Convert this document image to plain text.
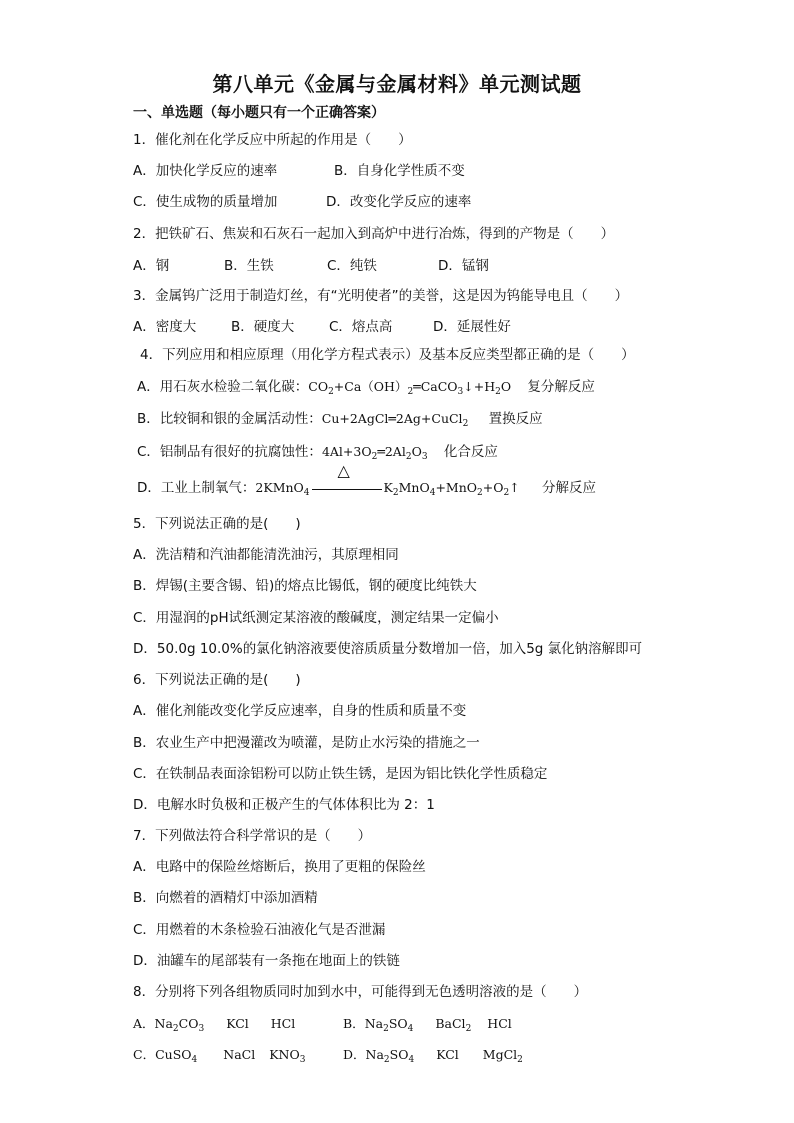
第八单元《金属与金属材料》单元测试题
一、单选题（每小题只有一个正确答案）
1．催化剂在化学反应中所起的作用是（　　）
A．加快化学反应的速率	B．自身化学性质不变
C．使生成物的质量增加	D．改变化学反应的速率
2．把铁矿石、焦炭和石灰石一起加入到高炉中进行冶炼，得到的产物是（　　）
A．钢	B．生铁	C．纯铁	D．锰钢
3．金属钨广泛用于制造灯丝，有“光明使者”的美誉，这是因为钨能导电且（　　）
A．密度大	B．硬度大	C．熔点高	D．延展性好
4．下列应用和相应原理（用化学方程式表示）及基本反应类型都正确的是（　　）
A．用石灰水检验二氧化碳：$CO_2+Ca(OH)_2═CaCO_3↓+H_2O$ 复分解反应
B．比较铜和银的金属活动性：Cu+2AgCl═2Ag+CuCl$_2$ 置换反应
C．铝制品有很好的抗腐蚀性：$4Al+3O_2═2Al_2O_3$ 化合反应
D．工业上制氧气：2KMnO$_4$
△
$K_2MnO_4+MnO_2+O_2↑$ 分解反应
5．下列说法正确的是(　　)
A．洗洁精和汽油都能清洗油污，其原理相同
B．焊锡(主要含锡、铅)的熔点比锡低，钢的硬度比纯铁大
C．用湿润的pH试纸测定某溶液的酸碱度，测定结果一定偏小
D．50.0g 10.0%的氯化钠溶液要使溶质质量分数增加一倍，加入5g 氯化钠溶解即可
6．下列说法正确的是(　　)
A．催化剂能改变化学反应速率，自身的性质和质量不变
B．农业生产中把漫灌改为喷灌，是防止水污染的措施之一
C．在铁制品表面涂铝粉可以防止铁生锈，是因为铝比铁化学性质稳定
D．电解水时负极和正极产生的气体体积比为 2：1
7．下列做法符合科学常识的是（　　）
A．电路中的保险丝熔断后，换用了更粗的保险丝
B．向燃着的酒精灯中添加酒精
C．用燃着的木条检验石油液化气是否泄漏
D．油罐车的尾部装有一条拖在地面上的铁链
8．分别将下列各组物质同时加到水中，可能得到无色透明溶液的是（　　）
A．$Na_2CO_3$ KCl HCl	B．$Na_2SO_4$ BaCl$_2$ HCl
C．CuSO$_4$ NaCl $KNO_3$	D．$Na_2SO_4$ KCl MgCl$_2$
